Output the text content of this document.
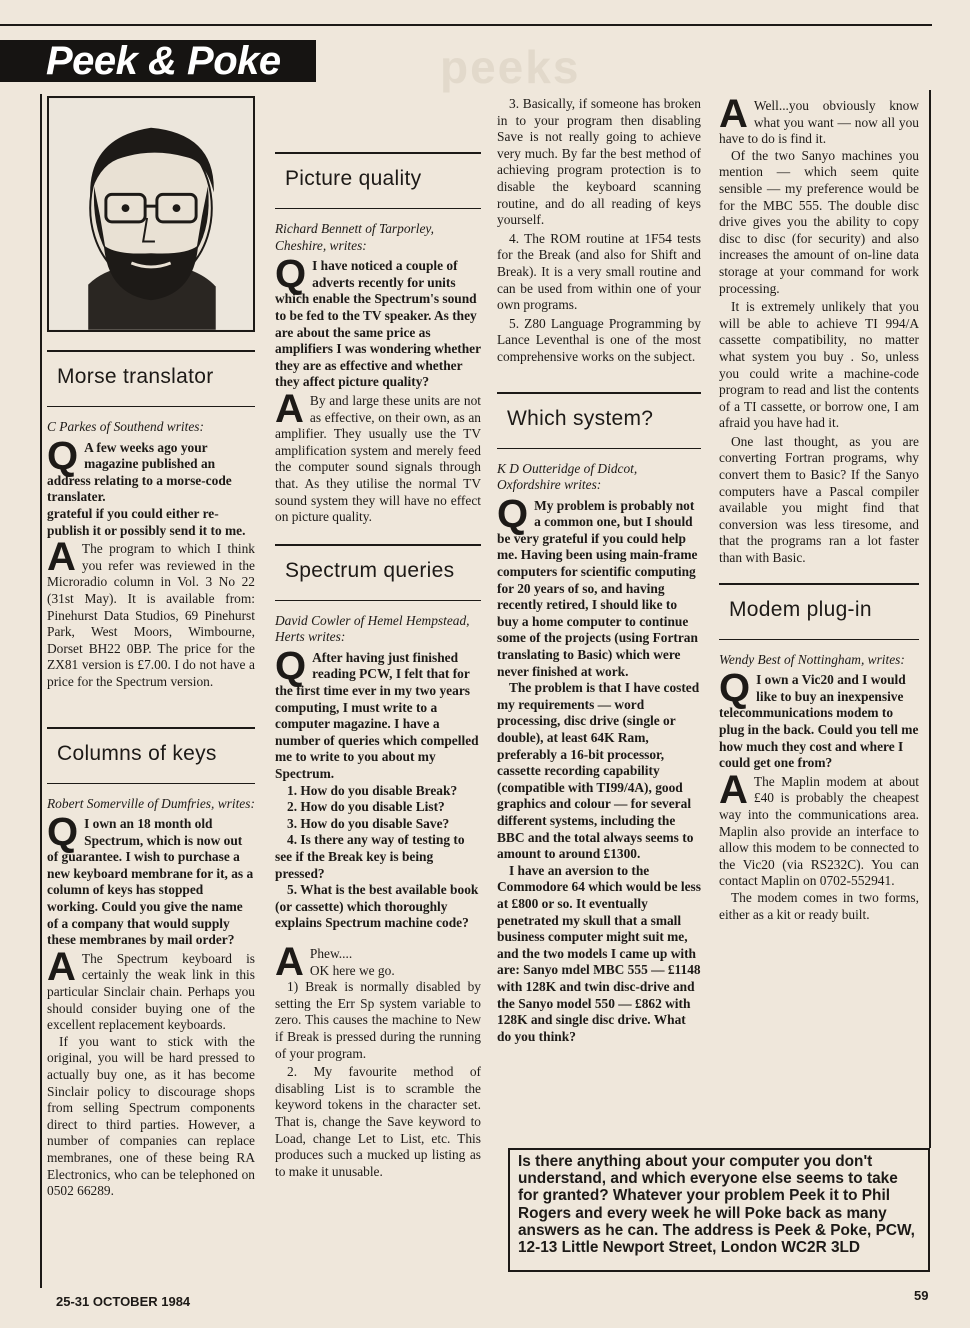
peeks
Peek & Poke
Morse translator
C Parkes of Southend writes:
Q A few weeks ago your magazine published an address relating to a morse-code translater.
grateful if you could either re-publish it or possibly send it to me.
A The program to which I think you refer was reviewed in the Microradio column in Vol. 3 No 22 (31st May). It is available from: Pinehurst Data Studios, 69 Pinehurst Park, West Moors, Wimbourne, Dorset BH22 0BP. The price for the ZX81 version is £7.00. I do not have a price for the Spectrum version.
Columns of keys
Robert Somerville of Dumfries, writes:
Q I own an 18 month old Spectrum, which is now out of guarantee. I wish to purchase a new keyboard membrane for it, as a column of keys has stopped working. Could you give the name of a company that would supply these membranes by mail order?
A The Spectrum keyboard is certainly the weak link in this particular Sinclair chain. Perhaps you should consider buying one of the excellent replacement keyboards.

If you want to stick with the original, you will be hard pressed to actually buy one, as it has become Sinclair policy to discourage shops from selling Spectrum components direct to third parties. However, a number of companies can replace membranes, one of these being RA Electronics, who can be telephoned on 0502 66289.

Picture quality
Richard Bennett of Tarporley, Cheshire, writes:
Q I have noticed a couple of adverts recently for units which enable the Spectrum's sound to be fed to the TV speaker. As they are about the same price as amplifiers I was wondering whether they are as effective and whether they affect picture quality?
A By and large these units are not as effective, on their own, as an amplifier. They usually use the TV amplification system and merely feed the computer sound signals through that. As they utilise the normal TV sound system they will have no effect on picture quality.
Spectrum queries
David Cowler of Hemel Hempstead, Herts writes:
Q After having just finished reading PCW, I felt that for the first time ever in my two years computing, I must write to a computer magazine. I have a number of queries which compelled me to write to you about my Spectrum.
1. How do you disable Break?
2. How do you disable List?
3. How do you disable Save?
4. Is there any way of testing to see if the Break key is being pressed?
5. What is the best available book (or cassette) which thoroughly explains Spectrum machine code?
A Phew....
OK here we go.

1) Break is normally disabled by setting the Err Sp system variable to zero. This causes the machine to New if Break is pressed during the running of your program.

2. My favourite method of disabling List is to scramble the keyword tokens in the character set. That is, change the Save keyword to Load, change Let to List, etc. This produces such a mucked up listing as to make it unusable.

3. Basically, if someone has broken in to your program then disabling Save is not really going to achieve very much. By far the best method of achieving program protection is to disable the keyboard scanning routine, and do all reading of keys yourself.

4. The ROM routine at 1F54 tests for the Break (and also for Shift and Break). It is a very small routine and can be used from within one of your own programs.

5. Z80 Language Programming by Lance Leventhal is one of the most comprehensive works on the subject.

Which system?
K D Outteridge of Didcot, Oxfordshire writes:
Q My problem is probably not a common one, but I should be very grateful if you could help me. Having been using main-frame computers for scientific computing for 20 years of so, and having recently retired, I should like to buy a home computer to continue some of the projects (using Fortran translating to Basic) which were never finished at work.
The problem is that I have costed my requirements — word processing, disc drive (single or double), at least 64K Ram, preferably a 16-bit processor, cassette recording capability (compatible with TI99/4A), good graphics and colour — for several different systems, including the BBC and the total always seems to amount to around £1300.
I have an aversion to the Commodore 64 which would be less at £800 or so. It eventually penetrated my skull that a small business computer might suit me, and the two models I came up with are: Sanyo mdel MBC 555 — £1148 with 128K and twin disc-drive and the Sanyo model 550 — £862 with 128K and single disc drive. What do you think?
A Well...you obviously know what you want — now all you have to do is find it.

Of the two Sanyo machines you mention — which seem quite sensible — my preference would be for the MBC 555. The double disc drive gives you the ability to copy disc to disc (for security) and also increases the amount of on-line data storage at your command for work processing.

It is extremely unlikely that you will be able to achieve TI 994/A cassette compatibility, no matter what system you buy . So, unless you could write a machine-code program to read and list the contents of a TI cassette, or borrow one, I am afraid you have had it.

One last thought, as you are converting Fortran programs, why convert them to Basic? If the Sanyo computers have a Pascal compiler available you might find that conversion was less tiresome, and that the programs ran a lot faster than with Basic.

Modem plug-in
Wendy Best of Nottingham, writes:
Q I own a Vic20 and I would like to buy an inexpensive telecommunications modem to plug in the back. Could you tell me how much they cost and where I could get one from?
A The Maplin modem at about £40 is probably the cheapest way into the communications area. Maplin also provide an interface to allow this modem to be connected to the Vic20 (via RS232C). You can contact Maplin on 0702-552941.

The modem comes in two forms, either as a kit or ready built.

Is there anything about your computer you don't understand, and which everyone else seems to take for granted? Whatever your problem Peek it to Phil Rogers and every week he will Poke back as many answers as he can. The address is Peek & Poke, PCW, 12-13 Little Newport Street, London WC2R 3LD
25-31 OCTOBER 1984	59
